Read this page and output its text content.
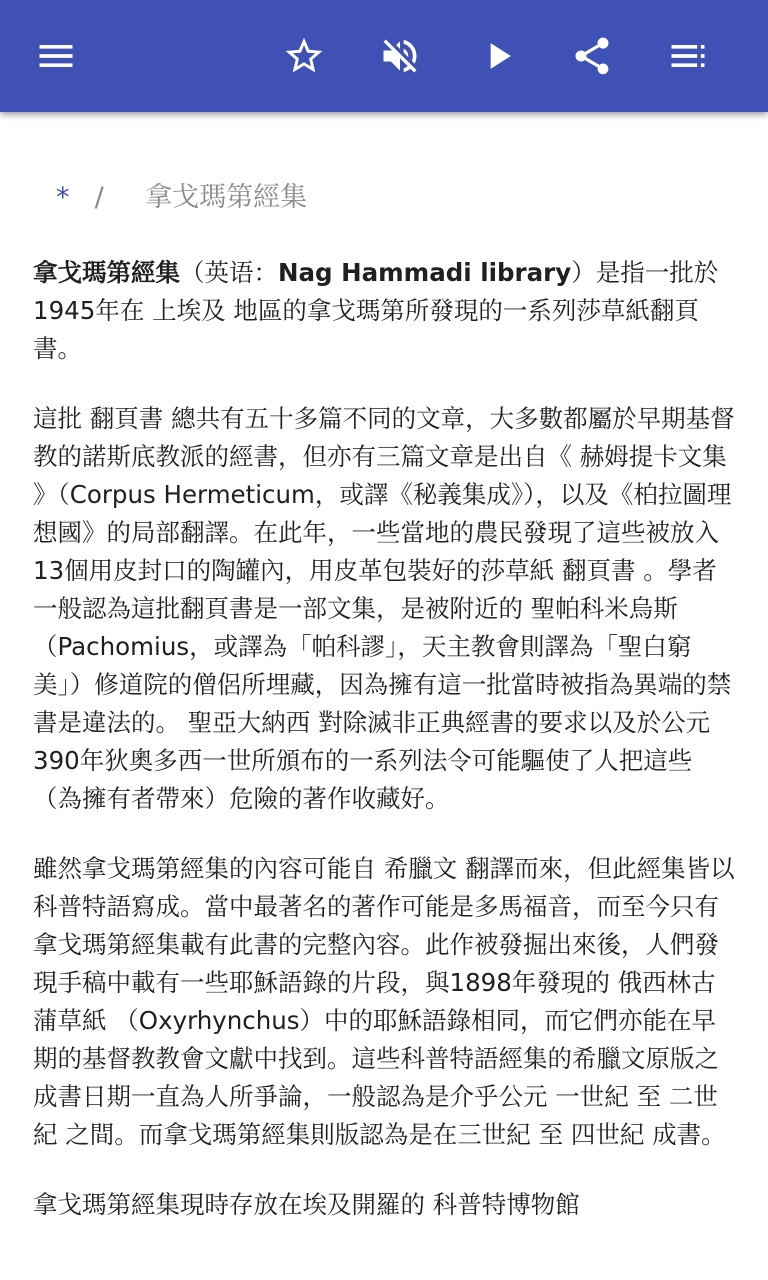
* / 拿戈瑪第經集

拿戈瑪第經集（英语：Nag Hammadi library）是指一批於1945年在 上埃及 地區的拿戈瑪第所發現的一系列莎草紙翻頁書。

這批 翻頁書 總共有五十多篇不同的文章，大多數都屬於早期基督教的諾斯底教派的經書，但亦有三篇文章是出自《 赫姆提卡文集 》（Corpus Hermeticum，或譯《秘義集成》），以及《柏拉圖理想國》的局部翻譯。在此年，一些當地的農民發現了這些被放入13個用皮封口的陶罐內，用皮革包裝好的莎草紙 翻頁書 。學者一般認為這批翻頁書是一部文集，是被附近的 聖帕科米烏斯 （Pachomius，或譯為「帕科謬」，天主教會則譯為「聖白窮美」）修道院的僧侶所埋藏，因為擁有這一批當時被指為異端的禁書是違法的。 聖亞大納西 對除滅非正典經書的要求以及於公元390年狄奧多西一世所頒布的一系列法令可能驅使了人把這些（為擁有者帶來）危險的著作收藏好。

雖然拿戈瑪第經集的內容可能自 希臘文 翻譯而來，但此經集皆以科普特語寫成。當中最著名的著作可能是多馬福音，而至今只有拿戈瑪第經集載有此書的完整內容。此作被發掘出來後，人們發現手稿中載有一些耶穌語錄的片段，與1898年發現的 俄西林古蒲草紙 （Oxyrhynchus）中的耶穌語錄相同，而它們亦能在早期的基督教教會文獻中找到。這些科普特語經集的希臘文原版之成書日期一直為人所爭論，一般認為是介乎公元 一世紀 至 二世紀 之間。而拿戈瑪第經集則版認為是在三世紀 至 四世紀 成書。

拿戈瑪第經集現時存放在埃及開羅的 科普特博物館
